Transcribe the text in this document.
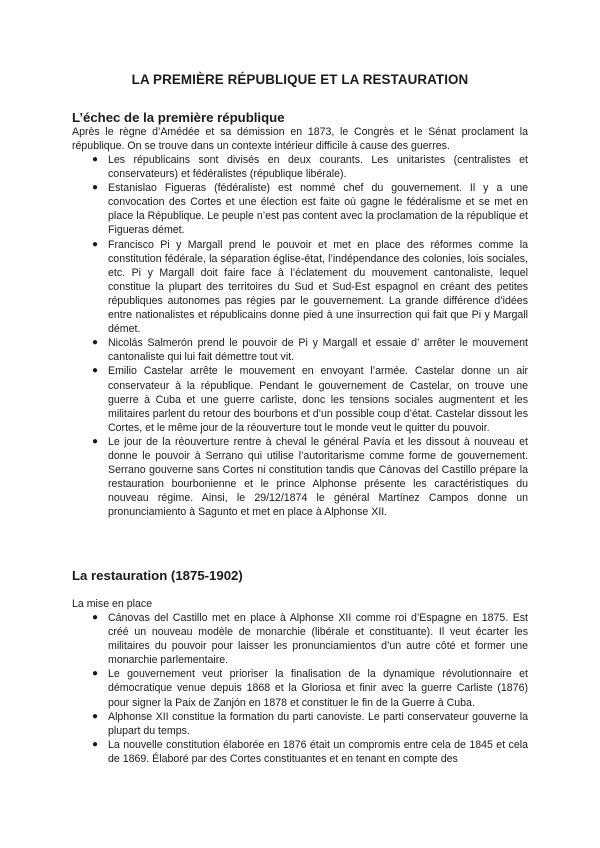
LA PREMIÈRE RÉPUBLIQUE ET LA RESTAURATION
L’échec de la première république
Après le règne d’Amédée et sa démission en 1873, le Congrès et le Sénat proclament la république. On se trouve dans un contexte intérieur difficile à cause des guerres.
● Les républicains sont divisés en deux courants. Les unitaristes (centralistes et conservateurs) et fédéralistes (république libérale).
● Estanislao Figueras (fédéraliste) est nommé chef du gouvernement. Il y a une convocation des Cortes et une élection est faite où gagne le fédéralisme et se met en place la République. Le peuple n’est pas content avec la proclamation de la république et Figueras démet.
● Francisco Pi y Margall prend le pouvoir et met en place des réformes comme la constitution fédérale, la séparation église-état, l’indépendance des colonies, lois sociales, etc. Pi y Margall doit faire face à l’éclatement du mouvement cantonaliste, lequel constitue la plupart des territoires du Sud et Sud-Est espagnol en créant des petites républiques autonomes pas régies par le gouvernement. La grande différence d’idées entre nationalistes et républicains donne pied à une insurrection qui fait que Pi y Margall démet.
● Nicolás Salmerón prend le pouvoir de Pi y Margall et essaie d’ arrêter le mouvement cantonaliste qui lui fait démettre tout vit.
● Emilio Castelar arrête le mouvement en envoyant l’armée. Castelar donne un air conservateur à la république. Pendant le gouvernement de Castelar, on trouve une guerre à Cuba et une guerre carliste, donc les tensions sociales augmentent et les militaires parlent du retour des bourbons et d’un possible coup d’état. Castelar dissout les Cortes, et le même jour de la réouverture tout le monde veut le quitter du pouvoir.
● Le jour de la réouverture rentre à cheval le général Pavía et les dissout à nouveau et donne le pouvoir à Serrano qui utilise l’autoritarisme comme forme de gouvernement. Serrano gouverne sans Cortes ni constitution tandis que Cánovas del Castillo prépare la restauration bourbonienne et le prince Alphonse présente les caractéristiques du nouveau régime. Ainsi, le 29/12/1874 le général Martínez Campos donne un pronunciamiento à Sagunto et met en place à Alphonse XII.
La restauration (1875-1902)
La mise en place
● Cánovas del Castillo met en place à Alphonse XII comme roi d’Espagne en 1875. Est créé un nouveau modèle de monarchie (libérale et constituante). Il veut écarter les militaires du pouvoir pour laisser les pronunciamientos d’un autre côté et former une monarchie parlementaire.
● Le gouvernement veut prioriser la finalisation de la dynamique révolutionnaire et démocratique venue depuis 1868 et la Gloriosa et finir avec la guerre Carliste (1876) pour signer la Paix de Zanjón en 1878 et constituer le fin de la Guerre à Cuba.
● Alphonse XII constitue la formation du parti canoviste. Le parti conservateur gouverne la plupart du temps.
● La nouvelle constitution élaborée en 1876 était un compromis entre cela de 1845 et cela de 1869. Élaboré par des Cortes constituantes et en tenant en compte des
